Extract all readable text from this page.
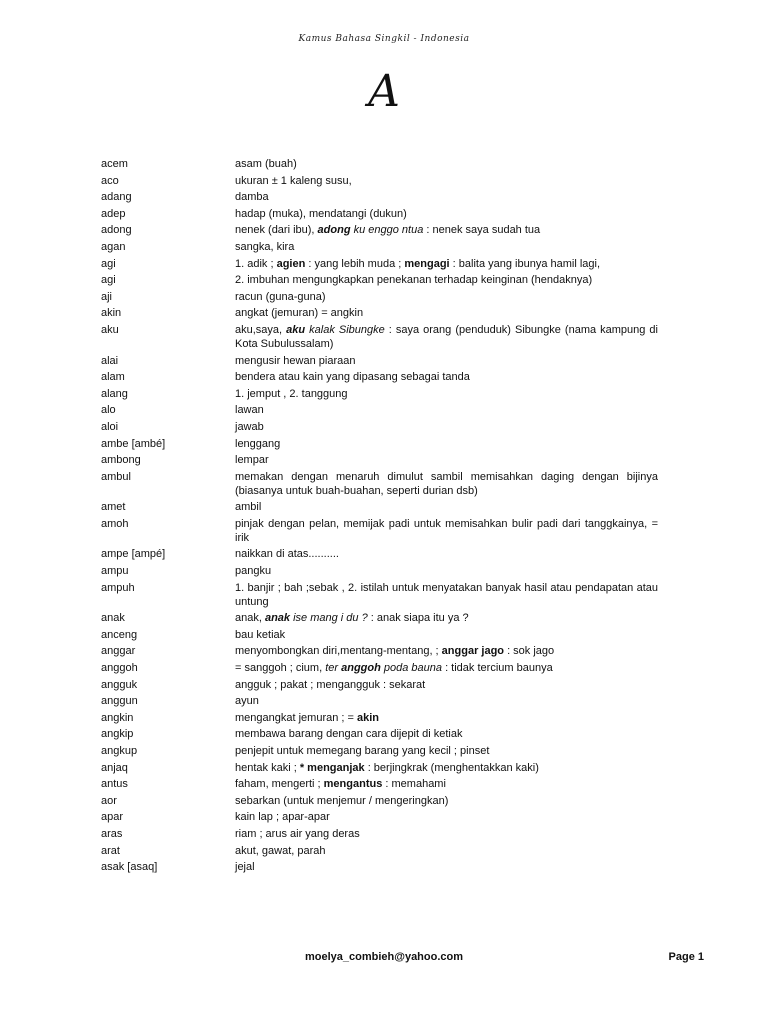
Kamus Bahasa Singkil - Indonesia
A
acem	asam (buah)
aco	ukuran ± 1 kaleng susu,
adang	damba
adep	hadap (muka), mendatangi (dukun)
adong	nenek (dari ibu), adong ku enggo ntua : nenek saya sudah tua
agan	sangka, kira
agi	1. adik ; agien : yang lebih muda ; mengagi : balita yang ibunya hamil lagi,
agi	2. imbuhan mengungkapkan penekanan terhadap keinginan (hendaknya)
aji	racun (guna-guna)
akin	angkat (jemuran) = angkin
aku	aku,saya, aku kalak Sibungke : saya orang (penduduk) Sibungke (nama kampung di Kota Subulussalam)
alai	mengusir hewan piaraan
alam	bendera atau kain yang dipasang sebagai tanda
alang	1. jemput , 2. tanggung
alo	lawan
aloi	jawab
ambe [ambé]	lenggang
ambong	lempar
ambul	memakan dengan menaruh dimulut sambil memisahkan daging dengan bijinya (biasanya untuk buah-buahan, seperti durian dsb)
amet	ambil
amoh	pinjak dengan pelan, memijak padi untuk memisahkan bulir padi dari tanggkainya, = irik
ampe [ampé]	naikkan di atas..........
ampu	pangku
ampuh	1. banjir ; bah ;sebak , 2. istilah untuk menyatakan banyak hasil atau pendapatan atau untung
anak	anak, anak ise mang i du ? : anak siapa itu ya ?
anceng	bau ketiak
anggar	menyombongkan diri,mentang-mentang, ; anggar jago : sok jago
anggoh	= sanggoh ; cium, ter anggoh poda bauna : tidak tercium baunya
angguk	angguk ; pakat ; mengangguk : sekarat
anggun	ayun
angkin	mengangkat jemuran ; = akin
angkip	membawa barang dengan cara dijepit di ketiak
angkup	penjepit untuk memegang barang yang kecil ; pinset
anjaq	hentak kaki ; * menganjak : berjingkrak (menghentakkan kaki)
antus	faham, mengerti ; mengantus : memahami
aor	sebarkan (untuk menjemur / mengeringkan)
apar	kain lap ; apar-apar
aras	riam ; arus air yang deras
arat	akut, gawat, parah
asak [asaq]	jejal
moelya_combieh@yahoo.com	Page 1
